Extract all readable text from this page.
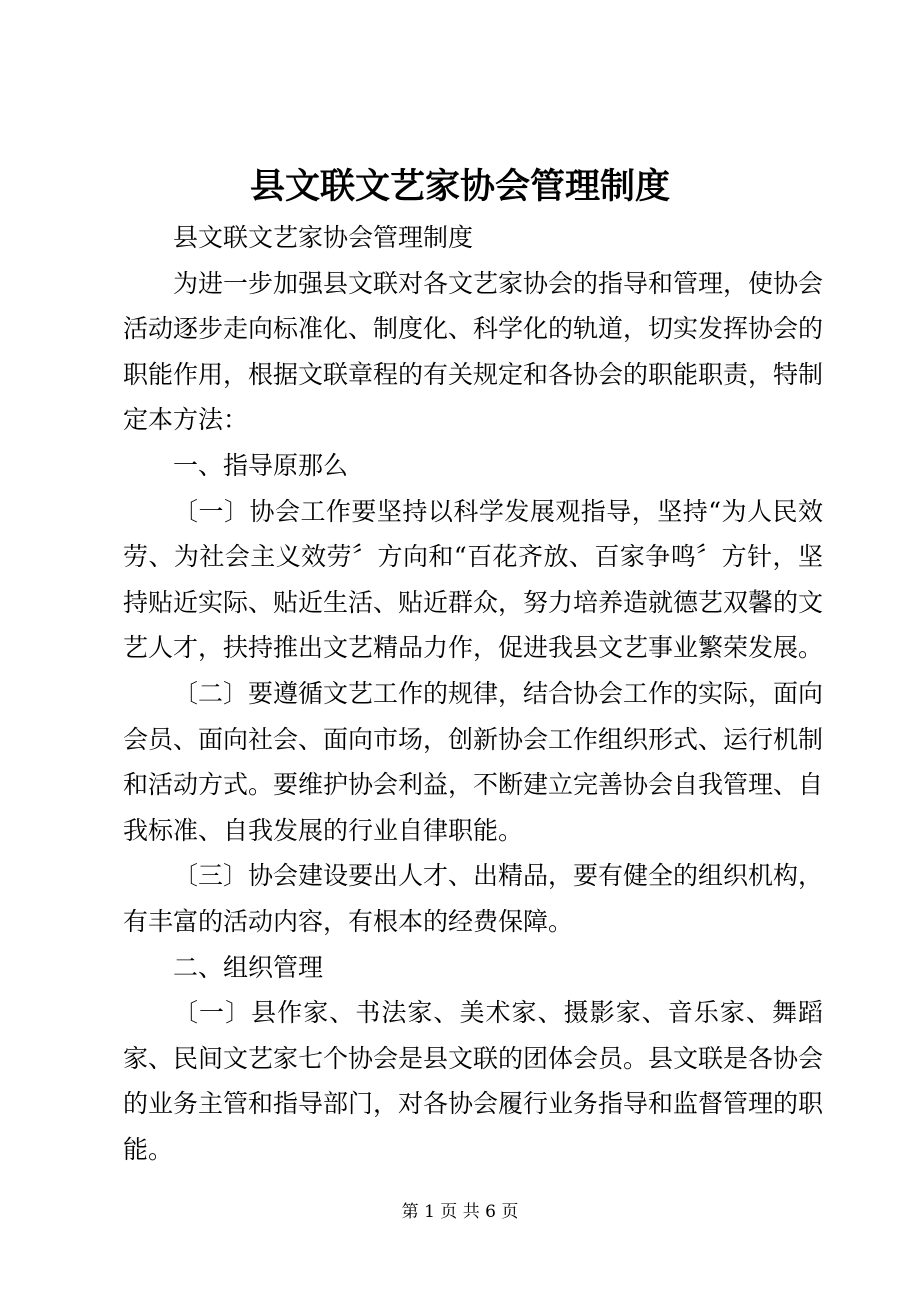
县文联文艺家协会管理制度

县文联文艺家协会管理制度

为进一步加强县文联对各文艺家协会的指导和管理，使协会活动逐步走向标准化、制度化、科学化的轨道，切实发挥协会的职能作用，根据文联章程的有关规定和各协会的职能职责，特制定本方法：

一、指导原那么

〔一〕协会工作要坚持以科学发展观指导，坚持“为人民效劳、为社会主义效劳〞方向和“百花齐放、百家争鸣〞方针，坚持贴近实际、贴近生活、贴近群众，努力培养造就德艺双馨的文艺人才，扶持推出文艺精品力作，促进我县文艺事业繁荣发展。

〔二〕要遵循文艺工作的规律，结合协会工作的实际，面向会员、面向社会、面向市场，创新协会工作组织形式、运行机制和活动方式。要维护协会利益，不断建立完善协会自我管理、自我标准、自我发展的行业自律职能。

〔三〕协会建设要出人才、出精品，要有健全的组织机构，有丰富的活动内容，有根本的经费保障。

二、组织管理

〔一〕县作家、书法家、美术家、摄影家、音乐家、舞蹈家、民间文艺家七个协会是县文联的团体会员。县文联是各协会的业务主管和指导部门，对各协会履行业务指导和监督管理的职能。

第 1 页 共 6 页
